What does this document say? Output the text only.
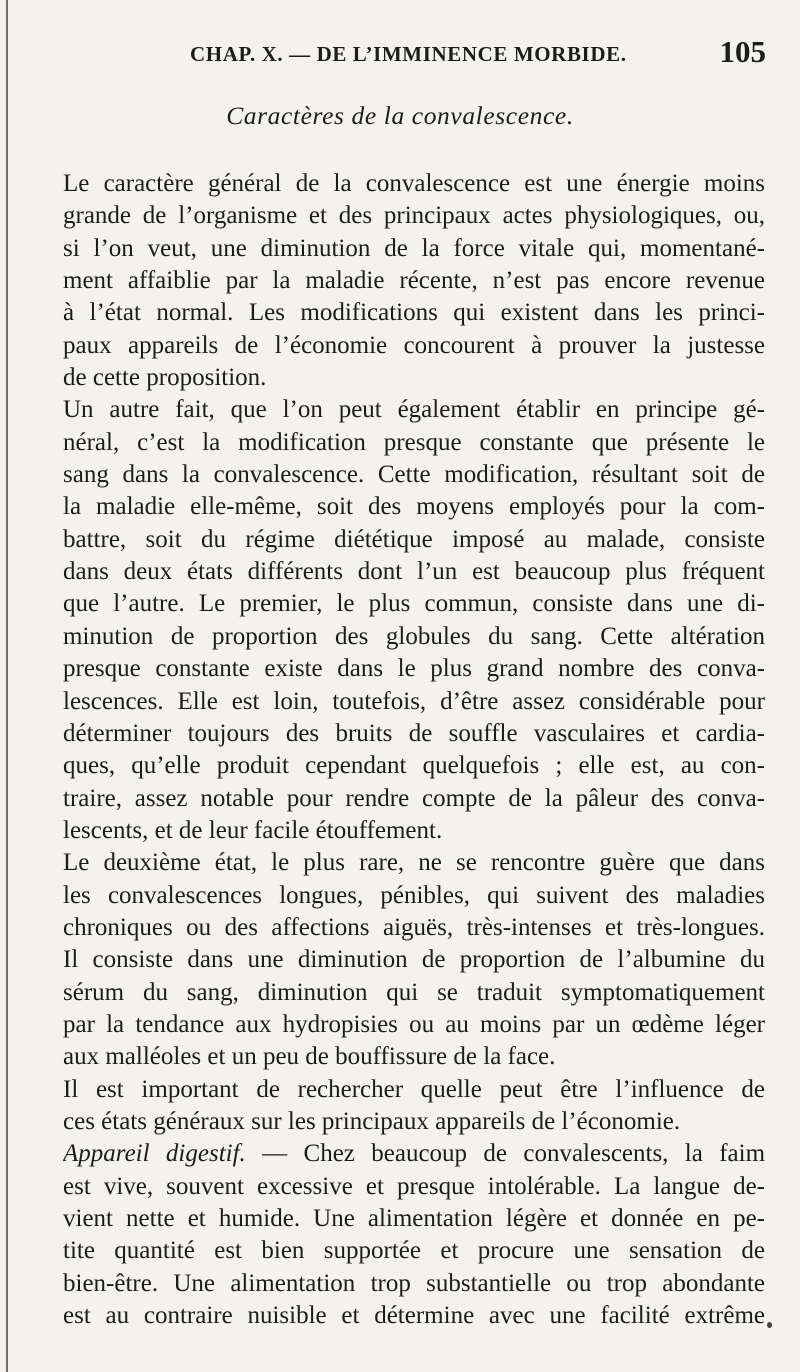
CHAP. X. — DE L’IMMINENCE MORBIDE.	105
Caractères de la convalescence.
Le caractère général de la convalescence est une énergie moins
grande de l’organisme et des principaux actes physiologiques, ou,
si l’on veut, une diminution de la force vitale qui, momentané-
ment affaiblie par la maladie récente, n’est pas encore revenue
à l’état normal. Les modifications qui existent dans les princi-
paux appareils de l’économie concourent à prouver la justesse
de cette proposition.
Un autre fait, que l’on peut également établir en principe gé-
néral, c’est la modification presque constante que présente le
sang dans la convalescence. Cette modification, résultant soit de
la maladie elle-même, soit des moyens employés pour la com-
battre, soit du régime diététique imposé au malade, consiste
dans deux états différents dont l’un est beaucoup plus fréquent
que l’autre. Le premier, le plus commun, consiste dans une di-
minution de proportion des globules du sang. Cette altération
presque constante existe dans le plus grand nombre des conva-
lescences. Elle est loin, toutefois, d’être assez considérable pour
déterminer toujours des bruits de souffle vasculaires et cardia-
ques, qu’elle produit cependant quelquefois ; elle est, au con-
traire, assez notable pour rendre compte de la pâleur des conva-
lescents, et de leur facile étouffement.
Le deuxième état, le plus rare, ne se rencontre guère que dans
les convalescences longues, pénibles, qui suivent des maladies
chroniques ou des affections aiguës, très-intenses et très-longues.
Il consiste dans une diminution de proportion de l’albumine du
sérum du sang, diminution qui se traduit symptomatiquement
par la tendance aux hydropisies ou au moins par un œdème léger
aux malléoles et un peu de bouffissure de la face.
Il est important de rechercher quelle peut être l’influence de
ces états généraux sur les principaux appareils de l’économie.
Appareil digestif. — Chez beaucoup de convalescents, la faim
est vive, souvent excessive et presque intolérable. La langue de-
vient nette et humide. Une alimentation légère et donnée en pe-
tite quantité est bien supportée et procure une sensation de
bien-être. Une alimentation trop substantielle ou trop abondante
est au contraire nuisible et détermine avec une facilité extrême
